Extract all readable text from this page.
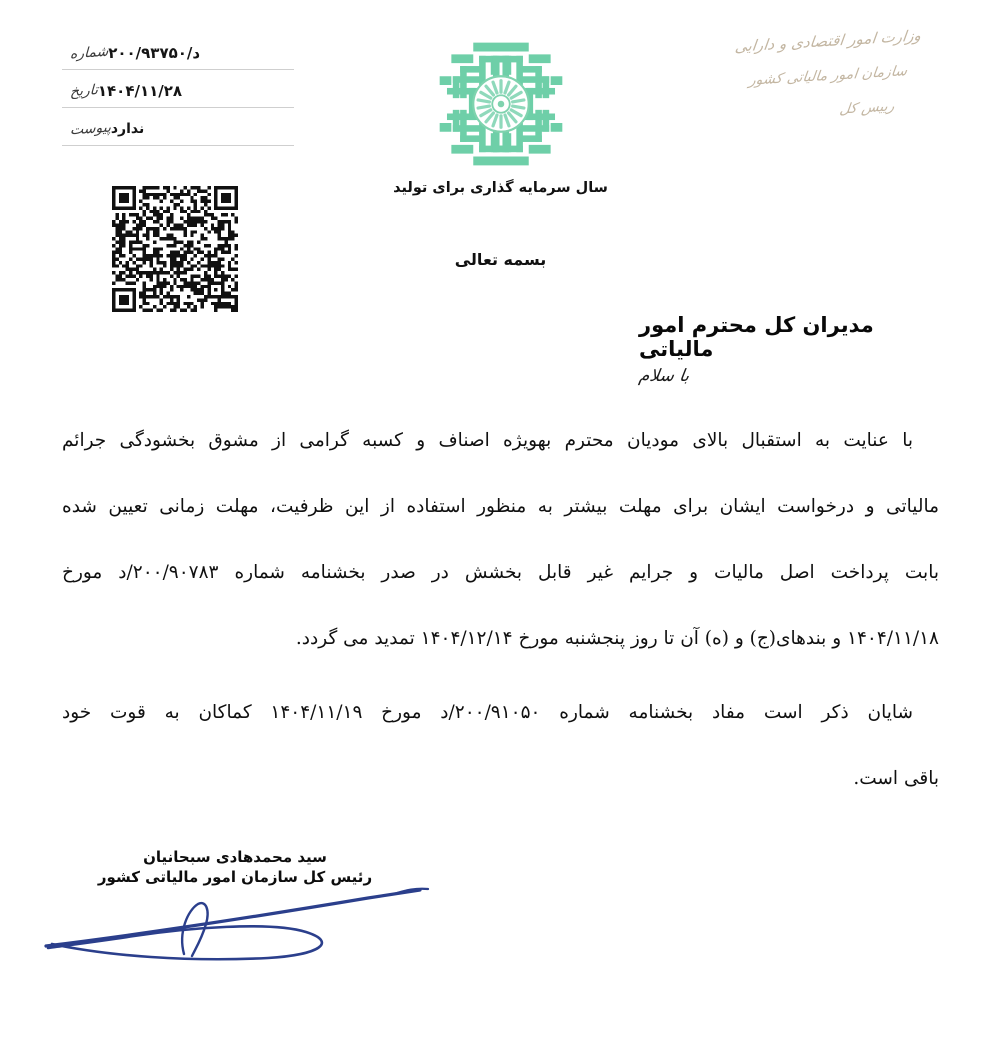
شماره د/۲۰۰/۹۳۷۵۰
تاریخ ۱۴۰۴/۱۱/۲۸
پیوست ندارد
وزارت امور اقتصادی و دارایی
سازمان امور مالیاتی کشور
رییس کل
سال سرمایه گذاری برای تولید
بسمه تعالی
مدیران کل محترم امور مالیاتی
با سلام
با عنایت به استقبال بالای مودیان محترم بهویژه اصناف و کسبه گرامی از مشوق بخشودگی جرائم
مالیاتی و درخواست ایشان برای مهلت بیشتر به منظور استفاده از این ظرفیت، مهلت زمانی تعیین شده
بابت پرداخت اصل مالیات و جرایم غیر قابل بخشش در صدر بخشنامه شماره ۲۰۰/۹۰۷۸۳/د مورخ
۱۴۰۴/۱۱/۱۸ و بندهای(ج) و (ه) آن تا روز پنجشنبه مورخ ۱۴۰۴/۱۲/۱۴ تمدید می گردد.
شایان ذکر است مفاد بخشنامه شماره ۲۰۰/۹۱۰۵۰/د مورخ ۱۴۰۴/۱۱/۱۹ کماکان به قوت خود
باقی است.
سید محمدهادی سبحانیان
رئیس کل سازمان امور مالیاتی کشور
